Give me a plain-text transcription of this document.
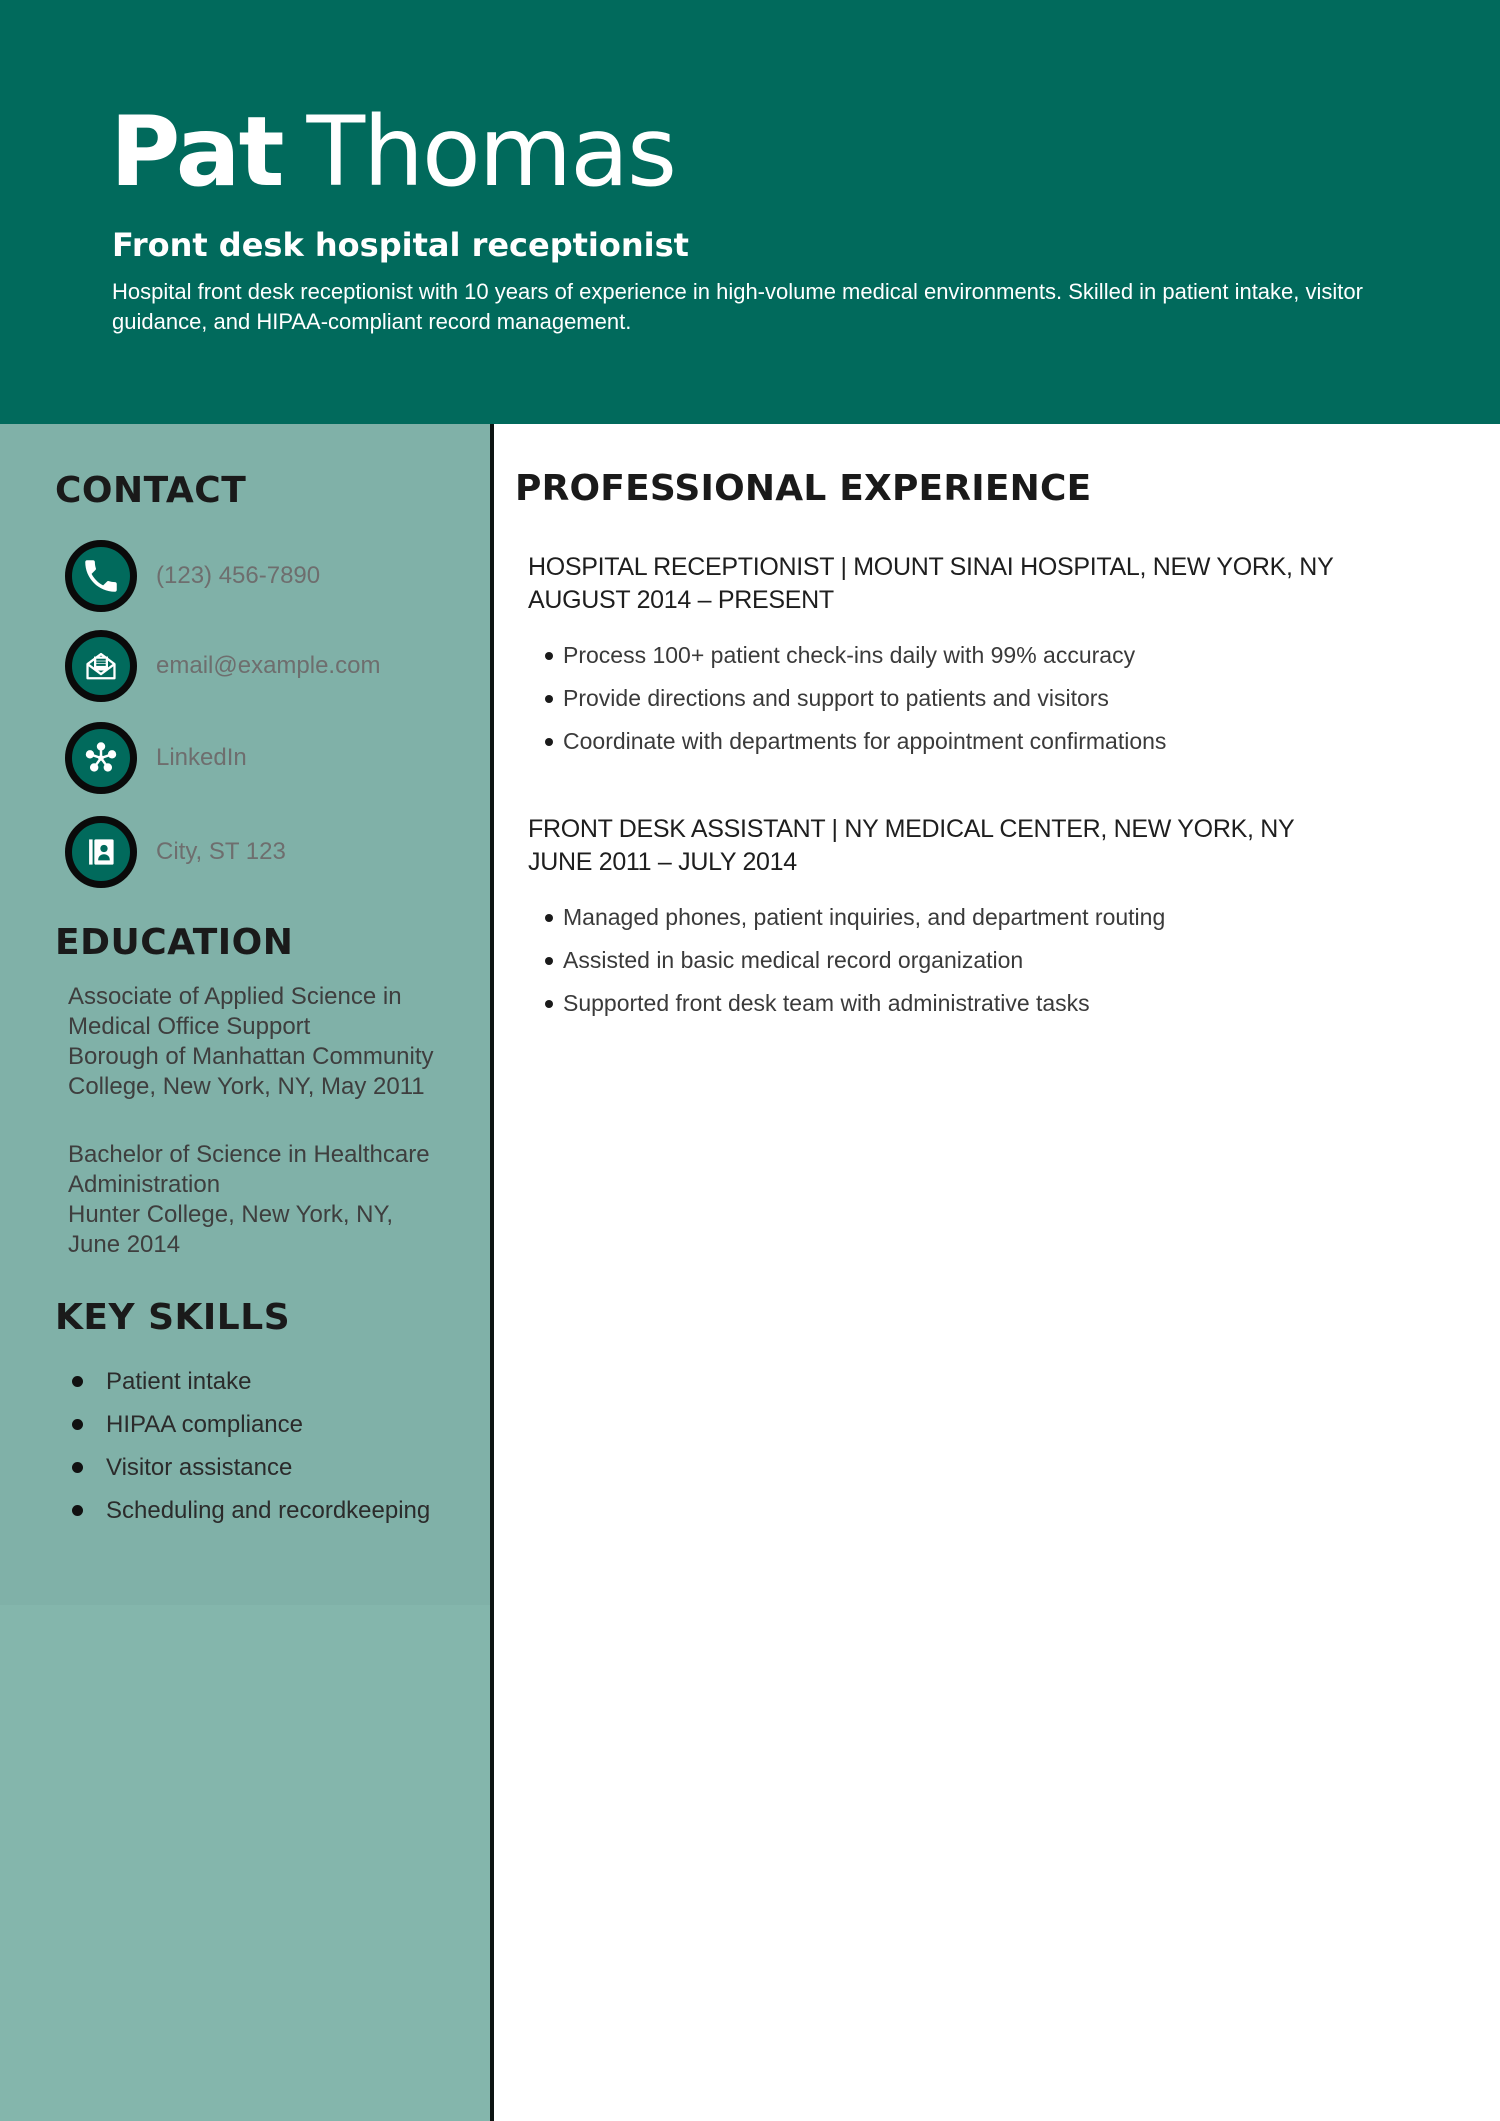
Pat Thomas
Front desk hospital receptionist

Hospital front desk receptionist with 10 years of experience in high-volume medical environments. Skilled in patient intake, visitor guidance, and HIPAA-compliant record management.

CONTACT
(123) 456-7890
email@example.com
LinkedIn
City, ST 123
EDUCATION
Associate of Applied Science in
Medical Office Support
Borough of Manhattan Community
College, New York, NY, May 2011
Bachelor of Science in Healthcare
Administration
Hunter College, New York, NY,
June 2014
KEY SKILLS
Patient intake
HIPAA compliance
Visitor assistance
Scheduling and recordkeeping
PROFESSIONAL EXPERIENCE
HOSPITAL RECEPTIONIST | MOUNT SINAI HOSPITAL, NEW YORK, NY
AUGUST 2014 – PRESENT
Process 100+ patient check-ins daily with 99% accuracy
Provide directions and support to patients and visitors
Coordinate with departments for appointment confirmations
FRONT DESK ASSISTANT | NY MEDICAL CENTER, NEW YORK, NY
JUNE 2011 – JULY 2014
Managed phones, patient inquiries, and department routing
Assisted in basic medical record organization
Supported front desk team with administrative tasks
